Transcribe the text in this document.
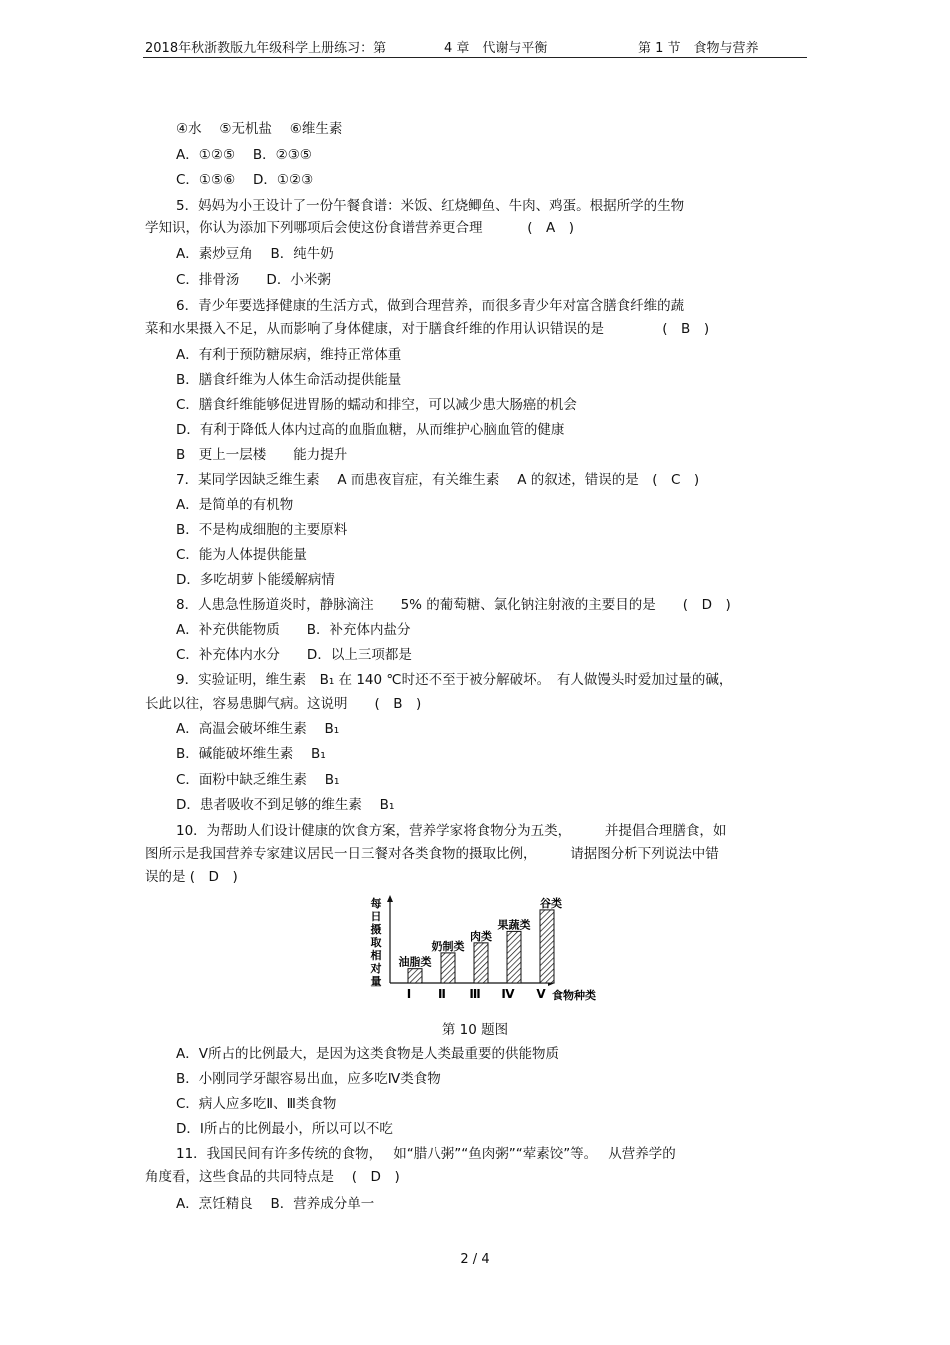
2018年秋浙教版九年级科学上册练习：第	4 章　代谢与平衡	第 1 节　食物与营养
④水　 ⑤无机盐　 ⑥维生素
A．①②⑤　 B．②③⑤
C．①⑤⑥　 D．①②③
5．妈妈为小王设计了一份午餐食谱：米饭、红烧鲫鱼、牛肉、鸡蛋。根据所学的生物
学知识，你认为添加下列哪项后会使这份食谱营养更合理　　　 (　A　)
A．素炒豆角　 B．纯牛奶
C．排骨汤　　D．小米粥
6．青少年要选择健康的生活方式，做到合理营养，而很多青少年对富含膳食纤维的蔬
菜和水果摄入不足，从而影响了身体健康，对于膳食纤维的作用认识错误的是　　　　 (　B　)
A．有利于预防糖尿病，维持正常体重
B．膳食纤维为人体生命活动提供能量
C．膳食纤维能够促进胃肠的蠕动和排空，可以减少患大肠癌的机会
D．有利于降低人体内过高的血脂血糖，从而维护心脑血管的健康
B　更上一层楼　　能力提升
7．某同学因缺乏维生素　 A 而患夜盲症，有关维生素　 A 的叙述，错误的是　(　C　)
A．是简单的有机物
B．不是构成细胞的主要原料
C．能为人体提供能量
D．多吃胡萝卜能缓解病情
8．人患急性肠道炎时，静脉滴注　　5% 的葡萄糖、氯化钠注射液的主要目的是　　(　D　)
A．补充供能物质　　B．补充体内盐分
C．补充体内水分　　D．以上三项都是
9．实验证明，维生素　B₁ 在 140 ℃时还不至于被分解破坏。　有人做馒头时爱加过量的碱，
长此以往，容易患脚气病。这说明　　(　B　)
A．高温会破坏维生素　 B₁
B．碱能破坏维生素　 B₁
C．面粉中缺乏维生素　 B₁
D．患者吸收不到足够的维生素　 B₁
10．为帮助人们设计健康的饮食方案，营养学家将食物分为五类，　　　并提倡合理膳食，如
图所示是我国营养专家建议居民一日三餐对各类食物的摄取比例，　　　请据图分析下列说法中错
误的是 (　D　)
每日摄取相对量
食物种类
油脂类
Ⅰ
奶制类
Ⅱ
肉类
Ⅲ
果蔬类
Ⅳ
谷类
Ⅴ
第 10 题图
A．Ⅴ所占的比例最大，是因为这类食物是人类最重要的供能物质
B．小刚同学牙龈容易出血，应多吃Ⅳ类食物
C．病人应多吃Ⅱ、Ⅲ类食物
D．Ⅰ所占的比例最小，所以可以不吃
11．我国民间有许多传统的食物，　 如“腊八粥”“鱼肉粥”“荤素饺”等。　 从营养学的
角度看，这些食品的共同特点是　 (　D　)
A．烹饪精良　 B．营养成分单一
2 / 4
